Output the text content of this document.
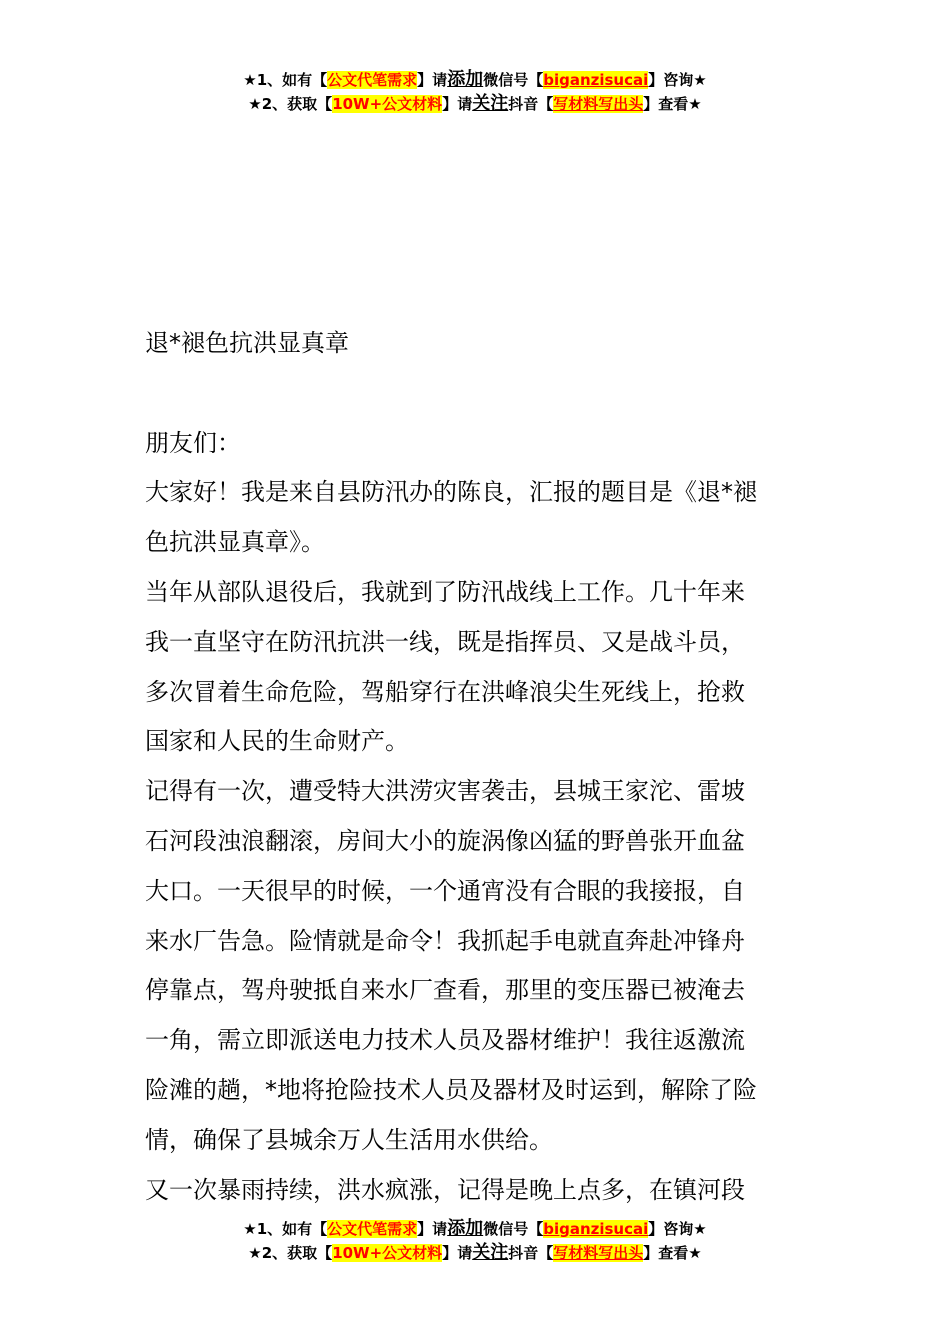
★1、如有【公文代笔需求】请添加微信号【biganzisucai】咨询★
★2、获取【10W+公文材料】请关注抖音【写材料写出头】查看★
退*褪色抗洪显真章
朋友们：
大家好！我是来自县防汛办的陈良，汇报的题目是《退*褪
色抗洪显真章》。
当年从部队退役后，我就到了防汛战线上工作。几十年来
我一直坚守在防汛抗洪一线，既是指挥员、又是战斗员，
多次冒着生命危险，驾船穿行在洪峰浪尖生死线上，抢救
国家和人民的生命财产。
记得有一次，遭受特大洪涝灾害袭击，县城王家沱、雷坡
石河段浊浪翻滚，房间大小的旋涡像凶猛的野兽张开血盆
大口。一天很早的时候，一个通宵没有合眼的我接报，自
来水厂告急。险情就是命令！我抓起手电就直奔赴冲锋舟
停靠点，驾舟驶抵自来水厂查看，那里的变压器已被淹去
一角，需立即派送电力技术人员及器材维护！我往返激流
险滩的趟，*地将抢险技术人员及器材及时运到，解除了险
情，确保了县城余万人生活用水供给。
又一次暴雨持续，洪水疯涨，记得是晚上点多，在镇河段
★1、如有【公文代笔需求】请添加微信号【biganzisucai】咨询★
★2、获取【10W+公文材料】请关注抖音【写材料写出头】查看★
